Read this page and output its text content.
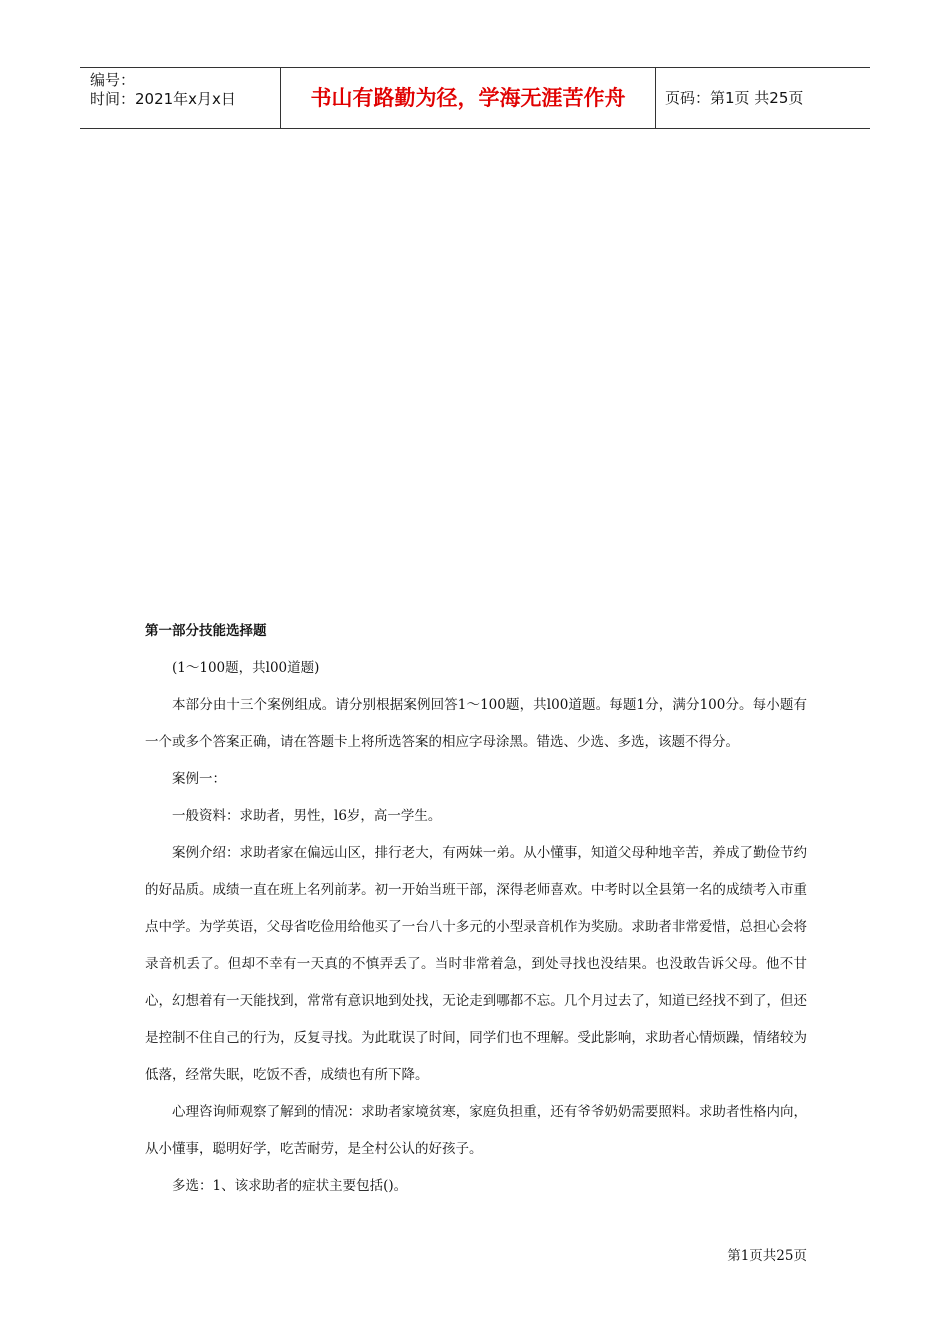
编号：
时间：2021年x月x日	书山有路勤为径，学海无涯苦作舟	页码：第1页 共25页

第一部分技能选择题

(1～100题，共l00道题)

本部分由十三个案例组成。请分别根据案例回答1～100题，共l00道题。每题1分，满分100分。每小题有一个或多个答案正确，请在答题卡上将所选答案的相应字母涂黑。错选、少选、多选，该题不得分。

案例一：

一般资料：求助者，男性，l6岁，高一学生。

案例介绍：求助者家在偏远山区，排行老大，有两妹一弟。从小懂事，知道父母种地辛苦，养成了勤俭节约的好品质。成绩一直在班上名列前茅。初一开始当班干部，深得老师喜欢。中考时以全县第一名的成绩考入市重点中学。为学英语，父母省吃俭用给他买了一台八十多元的小型录音机作为奖励。求助者非常爱惜，总担心会将录音机丢了。但却不幸有一天真的不慎弄丢了。当时非常着急，到处寻找也没结果。也没敢告诉父母。他不甘心，幻想着有一天能找到，常常有意识地到处找，无论走到哪都不忘。几个月过去了，知道已经找不到了，但还是控制不住自己的行为，反复寻找。为此耽误了时间，同学们也不理解。受此影响，求助者心情烦躁，情绪较为低落，经常失眠，吃饭不香，成绩也有所下降。

心理咨询师观察了解到的情况：求助者家境贫寒，家庭负担重，还有爷爷奶奶需要照料。求助者性格内向，从小懂事，聪明好学，吃苦耐劳，是全村公认的好孩子。

多选：1、该求助者的症状主要包括()。

第1页共25页
